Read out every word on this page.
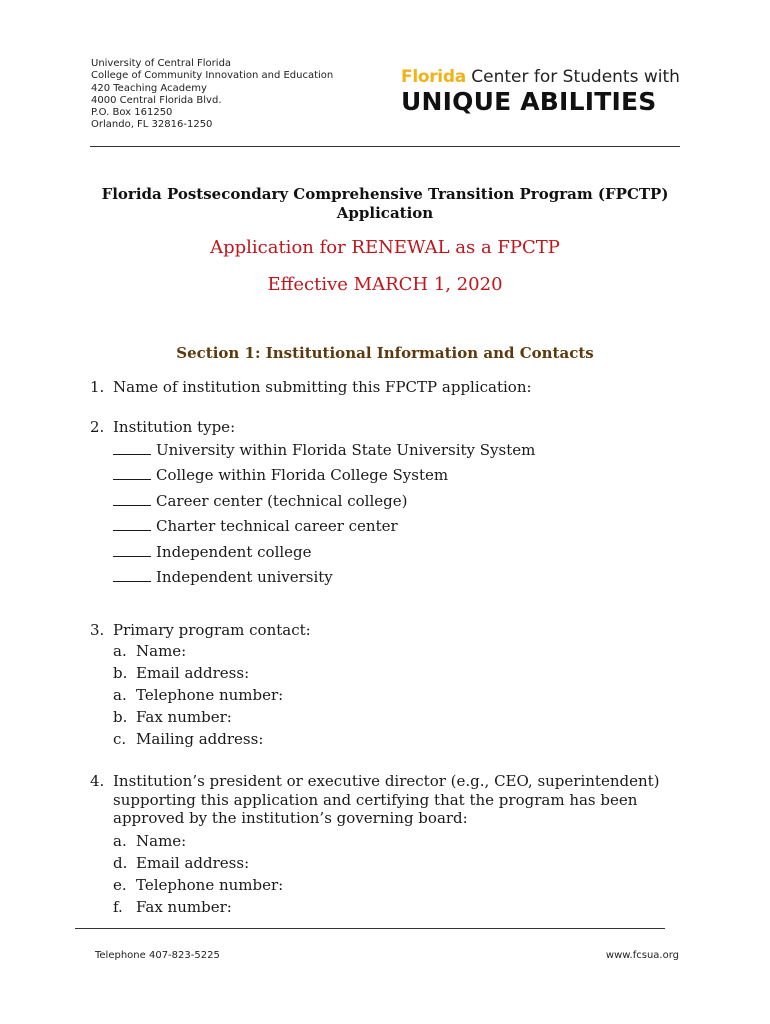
University of Central Florida
College of Community Innovation and Education
420 Teaching Academy
4000 Central Florida Blvd.
P.O. Box 161250
Orlando, FL 32816-1250
Florida Center for Students with
UNIQUE ABILITIES
Florida Postsecondary Comprehensive Transition Program (FPCTP)
Application
Application for RENEWAL as a FPCTP
Effective MARCH 1, 2020
Section 1: Institutional Information and Contacts
1. Name of institution submitting this FPCTP application:
2. Institution type:
University within Florida State University System
College within Florida College System
Career center (technical college)
Charter technical career center
Independent college
Independent university
3. Primary program contact:
a. Name:
b. Email address:
a. Telephone number:
b. Fax number:
c. Mailing address:
4. Institution’s president or executive director (e.g., CEO, superintendent)
supporting this application and certifying that the program has been
approved by the institution’s governing board:
a. Name:
d. Email address:
e. Telephone number:
f. Fax number:
Telephone 407-823-5225	www.fcsua.org
